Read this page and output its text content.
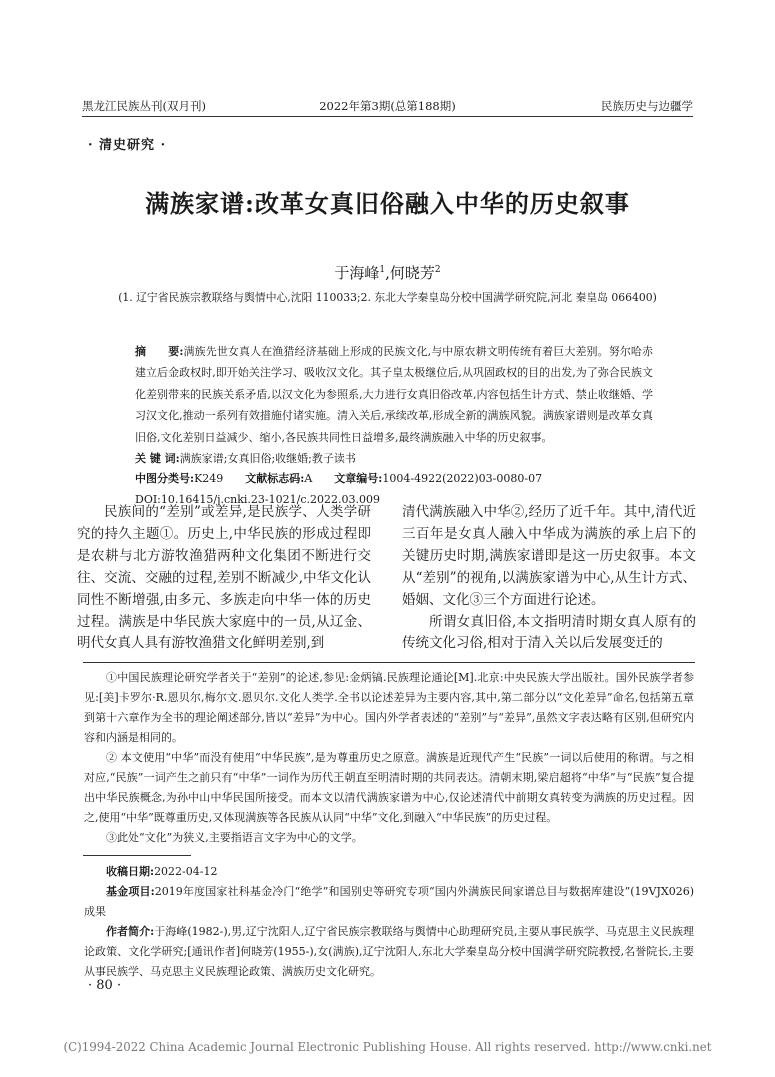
黑龙江民族丛刊(双月刊)	2022年第3期(总第188期)	民族历史与边疆学
· 清史研究 ·
满族家谱:改革女真旧俗融入中华的历史叙事
于海峰$^1$,何晓芳$^2$
(1. 辽宁省民族宗教联络与舆情中心,沈阳 110033;2. 东北大学秦皇岛分校中国满学研究院,河北 秦皇岛 066400)
摘　　要:满族先世女真人在渔猎经济基础上形成的民族文化,与中原农耕文明传统有着巨大差别。努尔哈赤建立后金政权时,即开始关注学习、吸收汉文化。其子皇太极继位后,从巩固政权的目的出发,为了弥合民族文化差别带来的民族关系矛盾,以汉文化为参照系,大力进行女真旧俗改革,内容包括生计方式、禁止收继婚、学习汉文化,推动一系列有效措施付诸实施。清入关后,承续改革,形成全新的满族风貌。满族家谱则是改革女真旧俗,文化差别日益减少、缩小,各民族共同性日益增多,最终满族融入中华的历史叙事。
关 键 词:满族家谱;女真旧俗;收继婚;教子读书
中图分类号:K249 文献标志码:A 文章编号:1004-4922(2022)03-0080-07
DOI:10.16415/j.cnki.23-1021/c.2022.03.009

民族间的“差别”或差异,是民族学、人类学研究的持久主题①。历史上,中华民族的形成过程即是农耕与北方游牧渔猎两种文化集团不断进行交往、交流、交融的过程,差别不断减少,中华文化认同性不断增强,由多元、多族走向中华一体的历史过程。满族是中华民族大家庭中的一员,从辽金、明代女真人具有游牧渔猎文化鲜明差别,到

清代满族融入中华②,经历了近千年。其中,清代近三百年是女真人融入中华成为满族的承上启下的关键历史时期,满族家谱即是这一历史叙事。本文从“差别”的视角,以满族家谱为中心,从生计方式、婚姻、文化③三个方面进行论述。

所谓女真旧俗,本文指明清时期女真人原有的传统文化习俗,相对于清入关以后发展变迁的

①中国民族理论研究学者关于“差别”的论述,参见:金炳镐.民族理论通论[M].北京:中央民族大学出版社。国外民族学者参见:[美]卡罗尔·R.恩贝尔,梅尔文.恩贝尔.文化人类学.全书以论述差异为主要内容,其中,第二部分以“文化差异”命名,包括第五章到第十六章作为全书的理论阐述部分,皆以“差异”为中心。国内外学者表述的“差别”与“差异”,虽然文字表达略有区别,但研究内容和内涵是相同的。

② 本文使用“中华”而没有使用“中华民族”,是为尊重历史之原意。满族是近现代产生“民族”一词以后使用的称谓。与之相对应,“民族”一词产生之前只有“中华”一词作为历代王朝直至明清时期的共同表达。清朝末期,梁启超将“中华”与“民族”复合提出中华民族概念,为孙中山中华民国所接受。而本文以清代满族家谱为中心,仅论述清代中前期女真转变为满族的历史过程。因之,使用“中华”既尊重历史,又体现满族等各民族从认同“中华”文化,到融入“中华民族”的历史过程。

③此处“文化”为狭义,主要指语言文字为中心的文学。

收稿日期:2022-04-12

基金项目:2019年度国家社科基金冷门“绝学”和国别史等研究专项“国内外满族民间家谱总目与数据库建设”(19VJX026)成果

作者简介:于海峰(1982-),男,辽宁沈阳人,辽宁省民族宗教联络与舆情中心助理研究员,主要从事民族学、马克思主义民族理论政策、文化学研究;[通讯作者]何晓芳(1955-),女(满族),辽宁沈阳人,东北大学秦皇岛分校中国满学研究院教授,名誉院长,主要从事民族学、马克思主义民族理论政策、满族历史文化研究。

· 80 ·
(C)1994-2022 China Academic Journal Electronic Publishing House. All rights reserved. http://www.cnki.net
